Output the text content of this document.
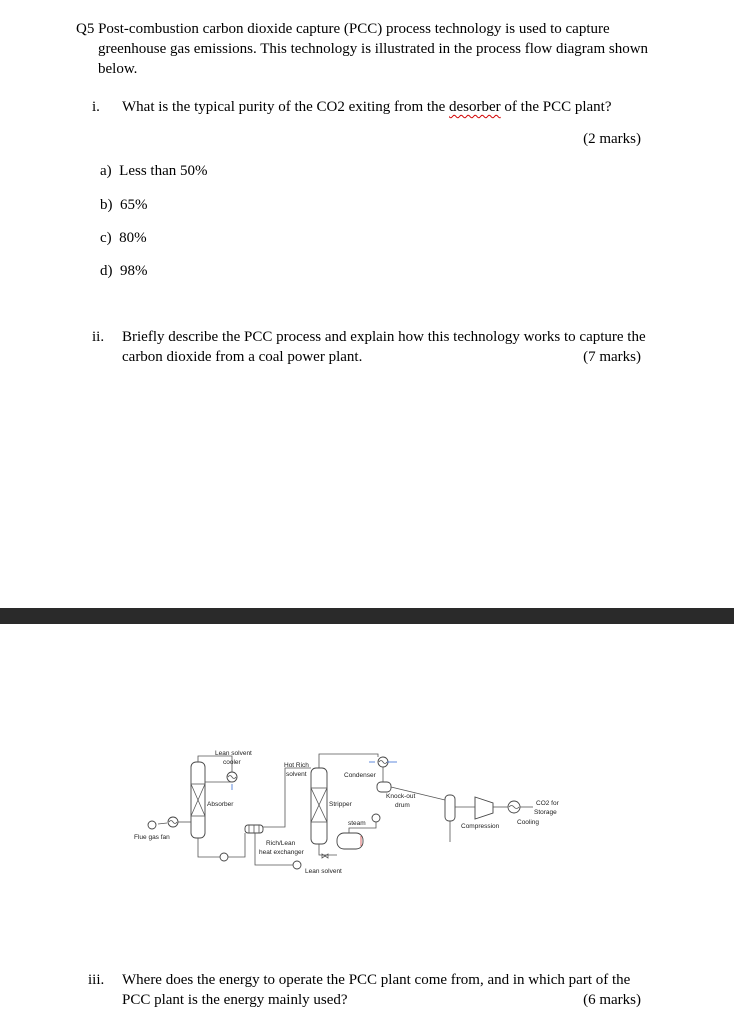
Q5 Post-combustion carbon dioxide capture (PCC) process technology is used to capture
greenhouse gas emissions. This technology is illustrated in the process flow diagram shown
below.
i. What is the typical purity of the CO2 exiting from the desorber of the PCC plant?
(2 marks)
a) Less than 50%
b) 65%
c) 80%
d) 98%
ii. Briefly describe the PCC process and explain how this technology works to capture the
carbon dioxide from a coal power plant.	(7 marks)
Lean solvent
cooler	Hot Rich
solvent	Condenser
Absorber	Stripper
Knock-out
drum
steam
Flue gas fan
Rich/Lean
heat exchanger
Lean solvent
Compression
Cooling
CO2 for
Storage
iii. Where does the energy to operate the PCC plant come from, and in which part of the
PCC plant is the energy mainly used?	(6 marks)
